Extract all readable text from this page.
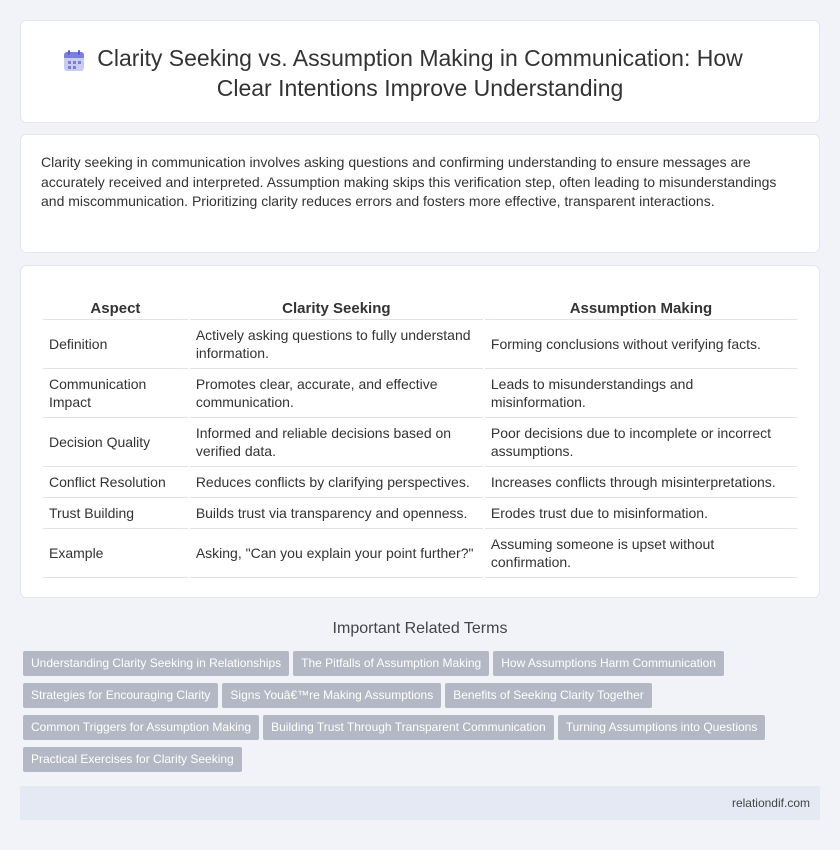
Clarity Seeking vs. Assumption Making in Communication: How Clear Intentions Improve Understanding

Clarity seeking in communication involves asking questions and confirming understanding to ensure messages are accurately received and interpreted. Assumption making skips this verification step, often leading to misunderstandings and miscommunication. Prioritizing clarity reduces errors and fosters more effective, transparent interactions.

Aspect	Clarity Seeking	Assumption Making
Definition	Actively asking questions to fully understand information.	Forming conclusions without verifying facts.
Communication Impact	Promotes clear, accurate, and effective communication.	Leads to misunderstandings and misinformation.
Decision Quality	Informed and reliable decisions based on verified data.	Poor decisions due to incomplete or incorrect assumptions.
Conflict Resolution	Reduces conflicts by clarifying perspectives.	Increases conflicts through misinterpretations.
Trust Building	Builds trust via transparency and openness.	Erodes trust due to misinformation.
Example	Asking, "Can you explain your point further?"	Assuming someone is upset without confirmation.
Important Related Terms
Understanding Clarity Seeking in Relationships The Pitfalls of Assumption Making How Assumptions Harm Communication
Strategies for Encouraging Clarity Signs Youâ€™re Making Assumptions Benefits of Seeking Clarity Together
Common Triggers for Assumption Making Building Trust Through Transparent Communication Turning Assumptions into Questions
Practical Exercises for Clarity Seeking
relationdif.com
